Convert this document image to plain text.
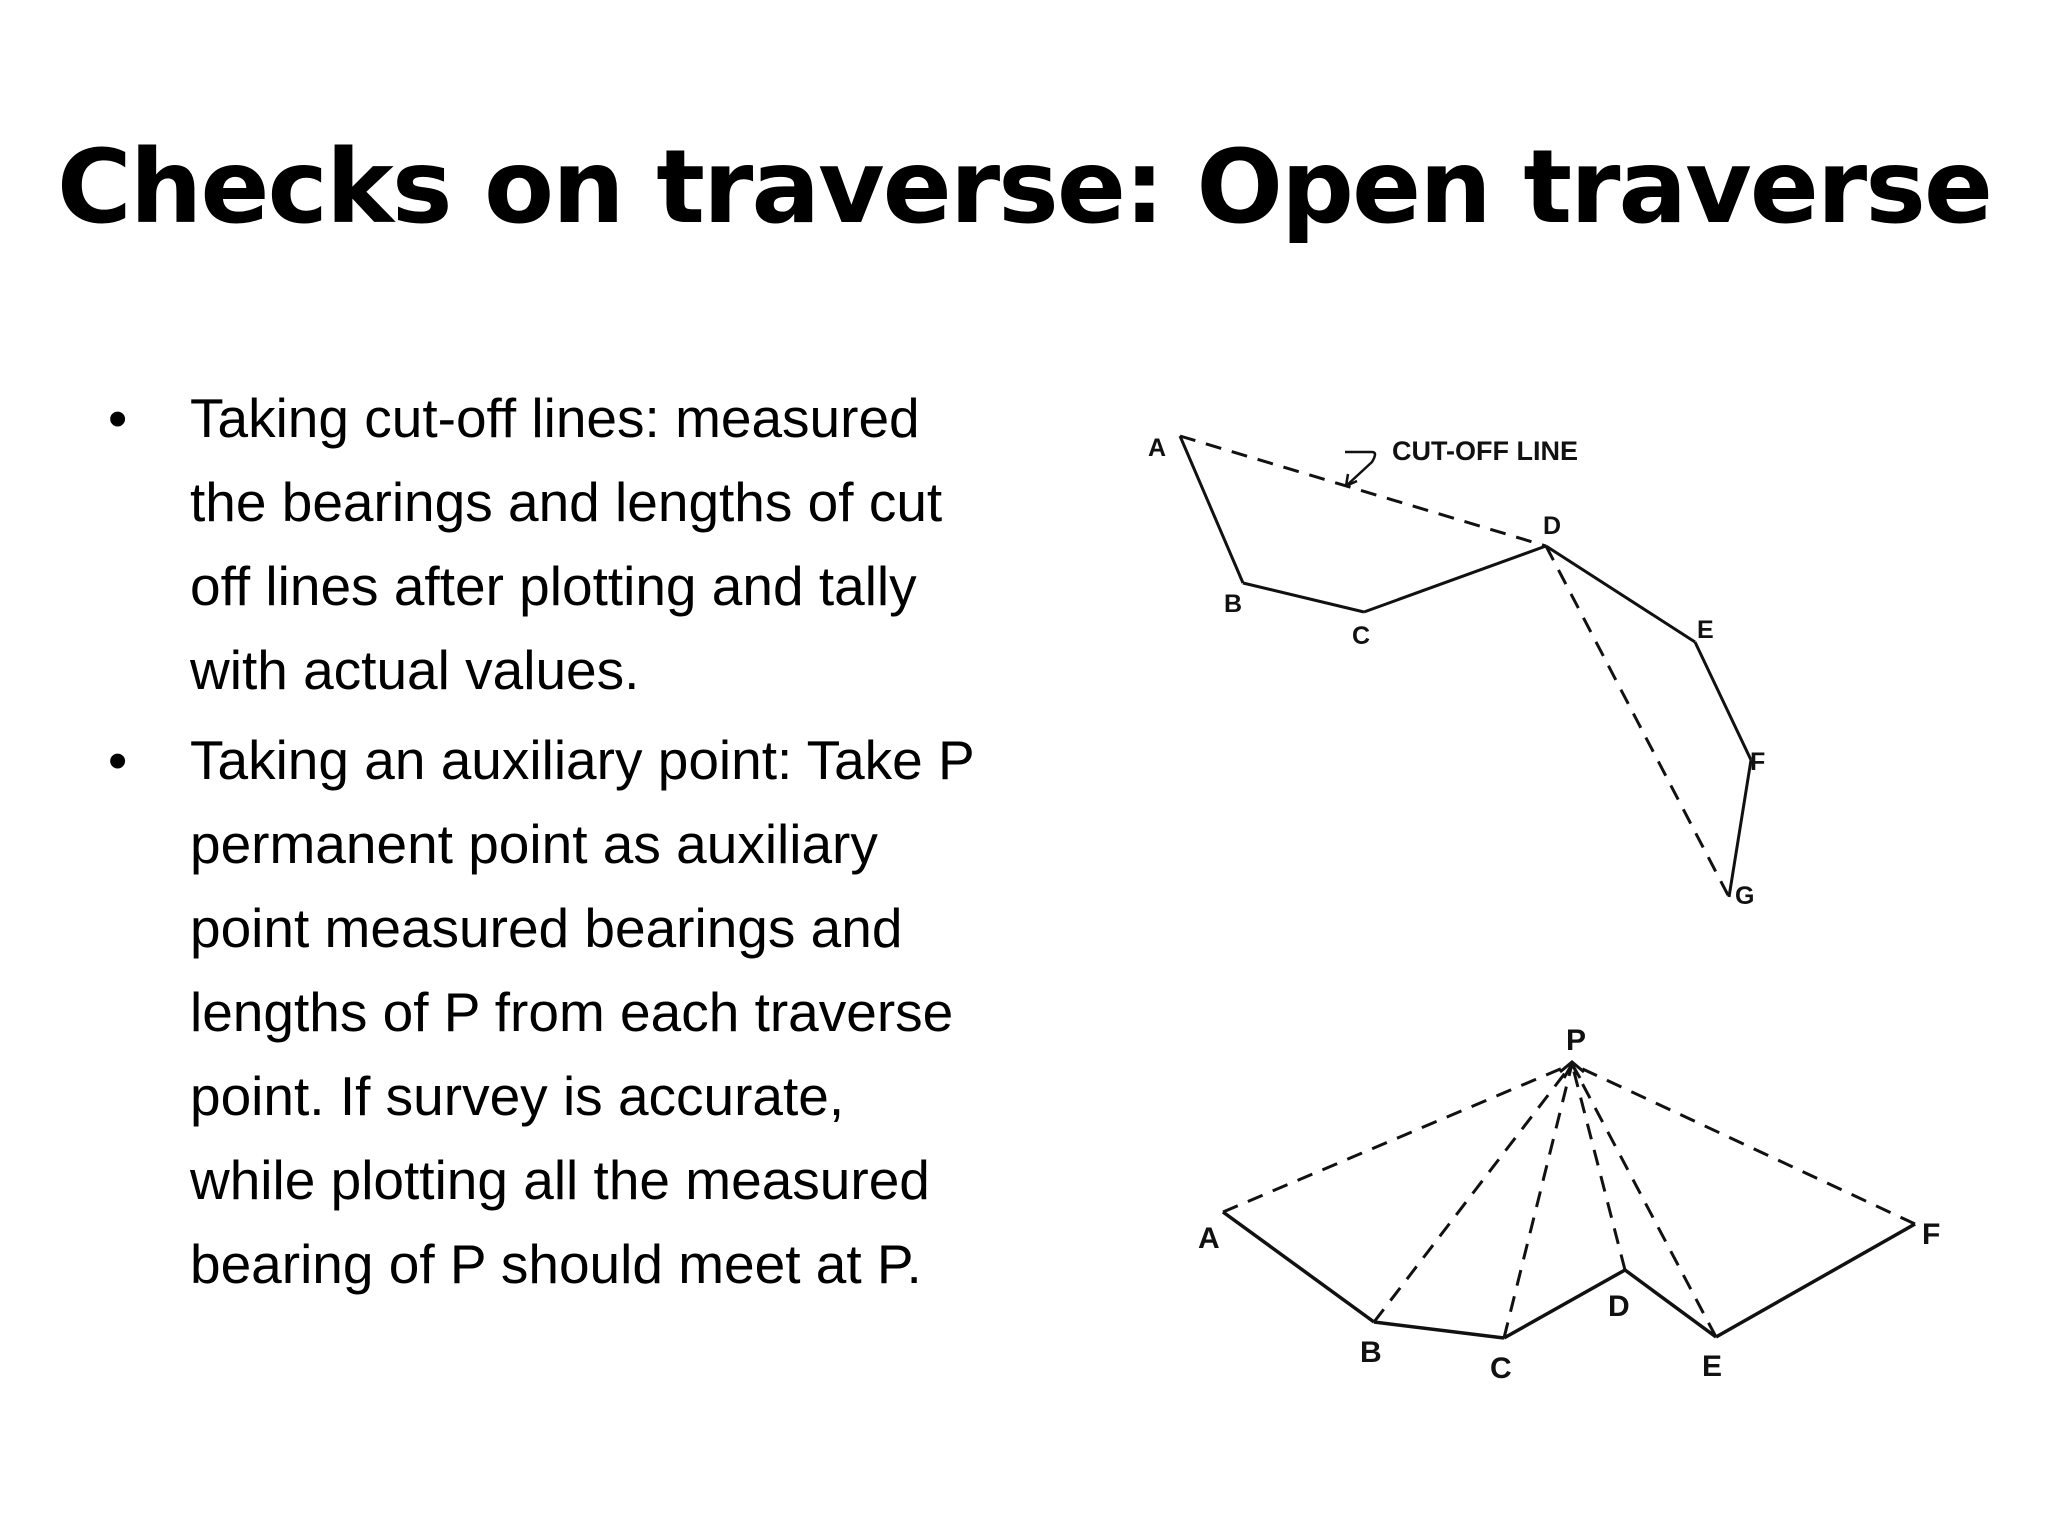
Checks on traverse: Open traverse
• Taking cut-off lines: measured
the bearings and lengths of cut
off lines after plotting and tally
with actual values.
• Taking an auxiliary point: Take P
permanent point as auxiliary
point measured bearings and
lengths of P from each traverse
point. If survey is accurate,
while plotting all the measured
bearing of P should meet at P.
CUT-OFF LINE
A
B
C
D
E
F
G
P
A
B	C
D
E
F
